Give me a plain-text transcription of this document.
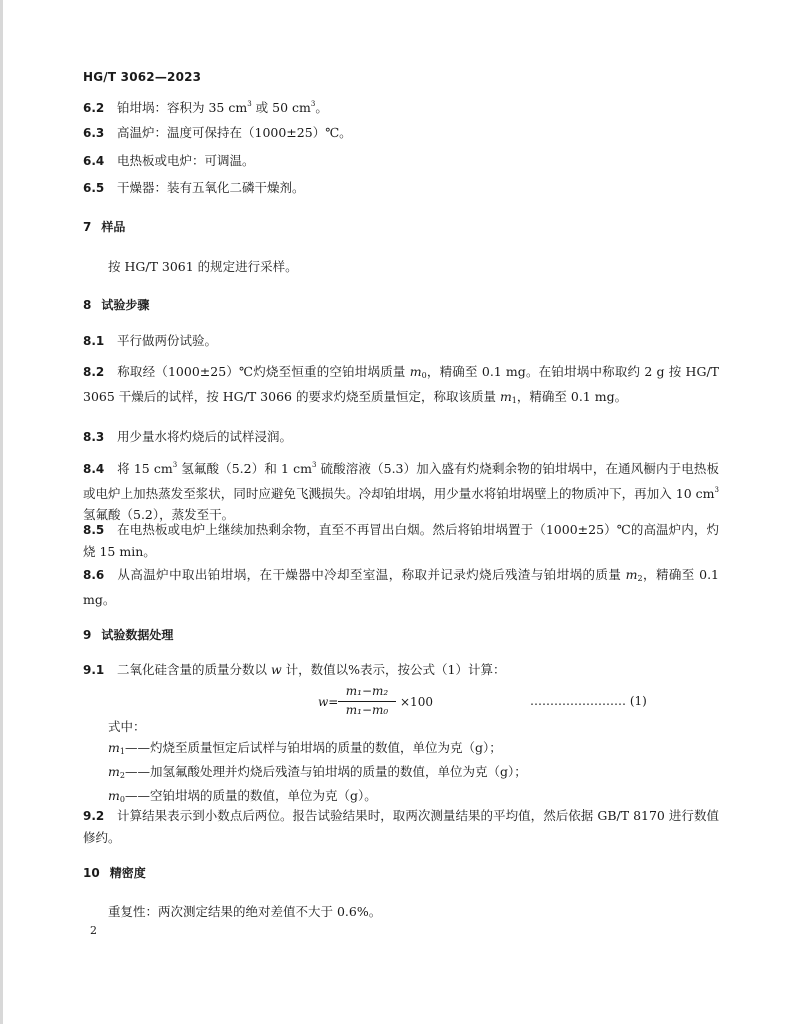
HG/T 3062—2023
6.2 铂坩埚：容积为 35 $cm^3$ 或 50 $cm^3$。
6.3 高温炉：温度可保持在（1000±25）℃。
6.4 电热板或电炉：可调温。
6.5 干燥器：装有五氧化二磷干燥剂。
7 样品
按 HG/T 3061 的规定进行采样。
8 试验步骤
8.1 平行做两份试验。
8.2 称取经（1000±25）℃灼烧至恒重的空铂坩埚质量 $m_0$，精确至 0.1 mg。在铂坩埚中称取约 2 g 按 HG/T 3065 干燥后的试样，按 HG/T 3066 的要求灼烧至质量恒定，称取该质量 $m_1$，精确至 0.1 mg。
8.3 用少量水将灼烧后的试样浸润。
8.4 将 15 $cm^3$ 氢氟酸（5.2）和 1 $cm^3$ 硫酸溶液（5.3）加入盛有灼烧剩余物的铂坩埚中，在通风橱内于电热板或电炉上加热蒸发至浆状，同时应避免飞溅损失。冷却铂坩埚，用少量水将铂坩埚壁上的物质冲下，再加入 10 $cm^3$ 氢氟酸（5.2），蒸发至干。
8.5 在电热板或电炉上继续加热剩余物，直至不再冒出白烟。然后将铂坩埚置于（1000±25）℃的高温炉内，灼烧 15 min。
8.6 从高温炉中取出铂坩埚，在干燥器中冷却至室温，称取并记录灼烧后残渣与铂坩埚的质量 $m_2$，精确至 0.1 mg。
9 试验数据处理
9.1 二氧化硅含量的质量分数以 w 计，数值以%表示，按公式（1）计算：
w=
m₁−m₂
m₁−m₀
×100	…………………… (1)
式中：
$m_1——$灼烧至质量恒定后试样与铂坩埚的质量的数值，单位为克（g）；
$m_2——$加氢氟酸处理并灼烧后残渣与铂坩埚的质量的数值，单位为克（g）；
$m_0——$空铂坩埚的质量的数值，单位为克（g）。
9.2 计算结果表示到小数点后两位。报告试验结果时，取两次测量结果的平均值，然后依据 GB/T 8170 进行数值修约。
10 精密度
重复性：两次测定结果的绝对差值不大于 0.6%。
2
